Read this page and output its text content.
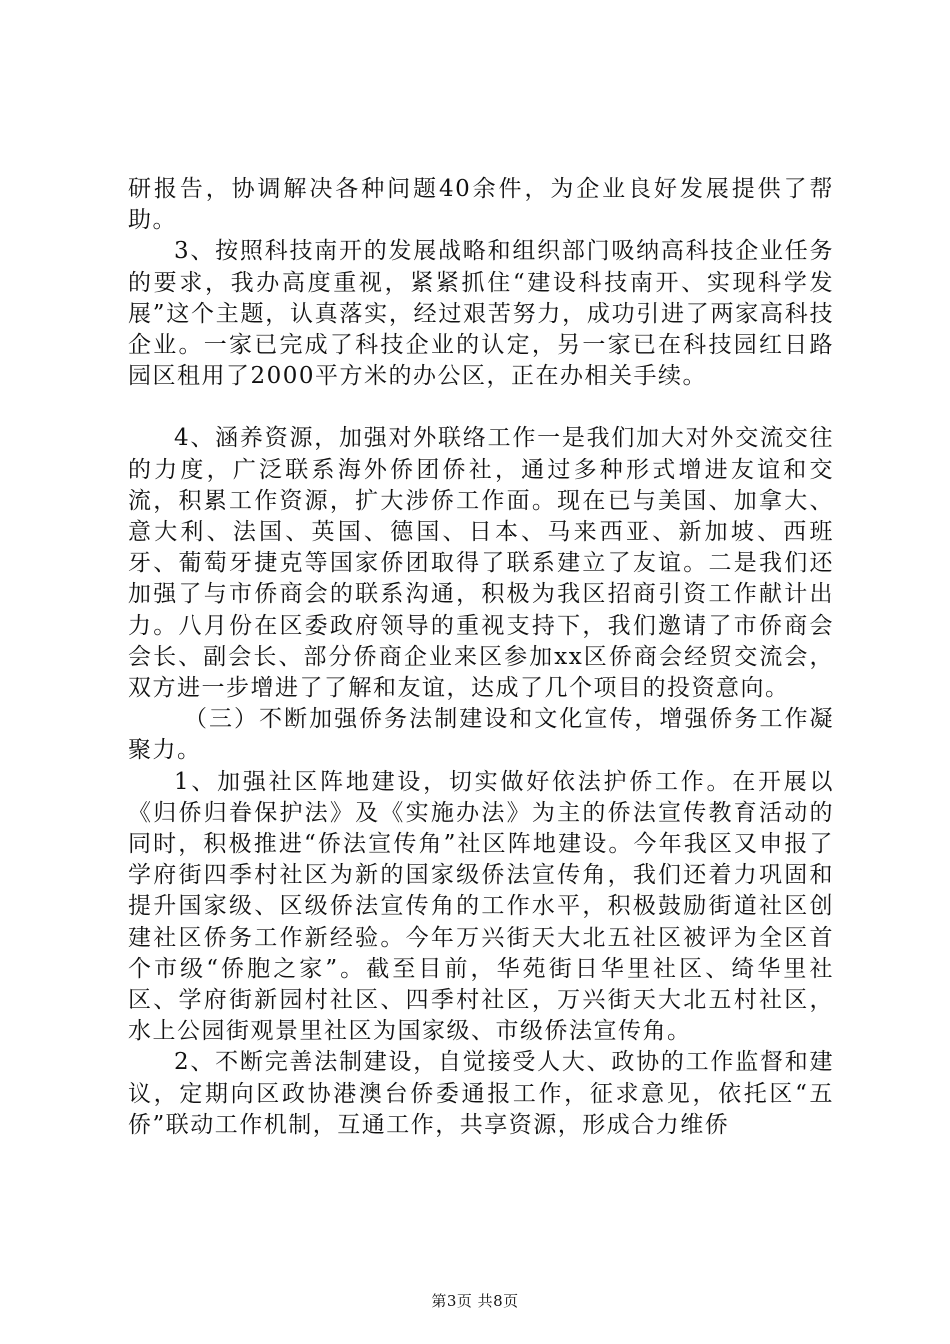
研报告，协调解决各种问题40余件，为企业良好发展提供了帮助。

3、按照科技南开的发展战略和组织部门吸纳高科技企业任务的要求，我办高度重视，紧紧抓住“建设科技南开、实现科学发展”这个主题，认真落实，经过艰苦努力，成功引进了两家高科技企业。一家已完成了科技企业的认定，另一家已在科技园红日路园区租用了2000平方米的办公区，正在办相关手续。

4、涵养资源，加强对外联络工作一是我们加大对外交流交往的力度，广泛联系海外侨团侨社，通过多种形式增进友谊和交流，积累工作资源，扩大涉侨工作面。现在已与美国、加拿大、意大利、法国、英国、德国、日本、马来西亚、新加坡、西班牙、葡萄牙捷克等国家侨团取得了联系建立了友谊。二是我们还加强了与市侨商会的联系沟通，积极为我区招商引资工作献计出力。八月份在区委政府领导的重视支持下，我们邀请了市侨商会会长、副会长、部分侨商企业来区参加xx区侨商会经贸交流会，双方进一步增进了了解和友谊，达成了几个项目的投资意向。

（三）不断加强侨务法制建设和文化宣传，增强侨务工作凝聚力。

1、加强社区阵地建设，切实做好依法护侨工作。在开展以《归侨归眷保护法》及《实施办法》为主的侨法宣传教育活动的同时，积极推进“侨法宣传角”社区阵地建设。今年我区又申报了学府街四季村社区为新的国家级侨法宣传角，我们还着力巩固和提升国家级、区级侨法宣传角的工作水平，积极鼓励街道社区创建社区侨务工作新经验。今年万兴街天大北五社区被评为全区首个市级“侨胞之家”。截至目前，华苑街日华里社区、绮华里社区、学府街新园村社区、四季村社区，万兴街天大北五村社区，水上公园街观景里社区为国家级、市级侨法宣传角。

2、不断完善法制建设，自觉接受人大、政协的工作监督和建议，定期向区政协港澳台侨委通报工作，征求意见，依托区“五侨”联动工作机制，互通工作，共享资源，形成合力维侨

第3页 共8页
